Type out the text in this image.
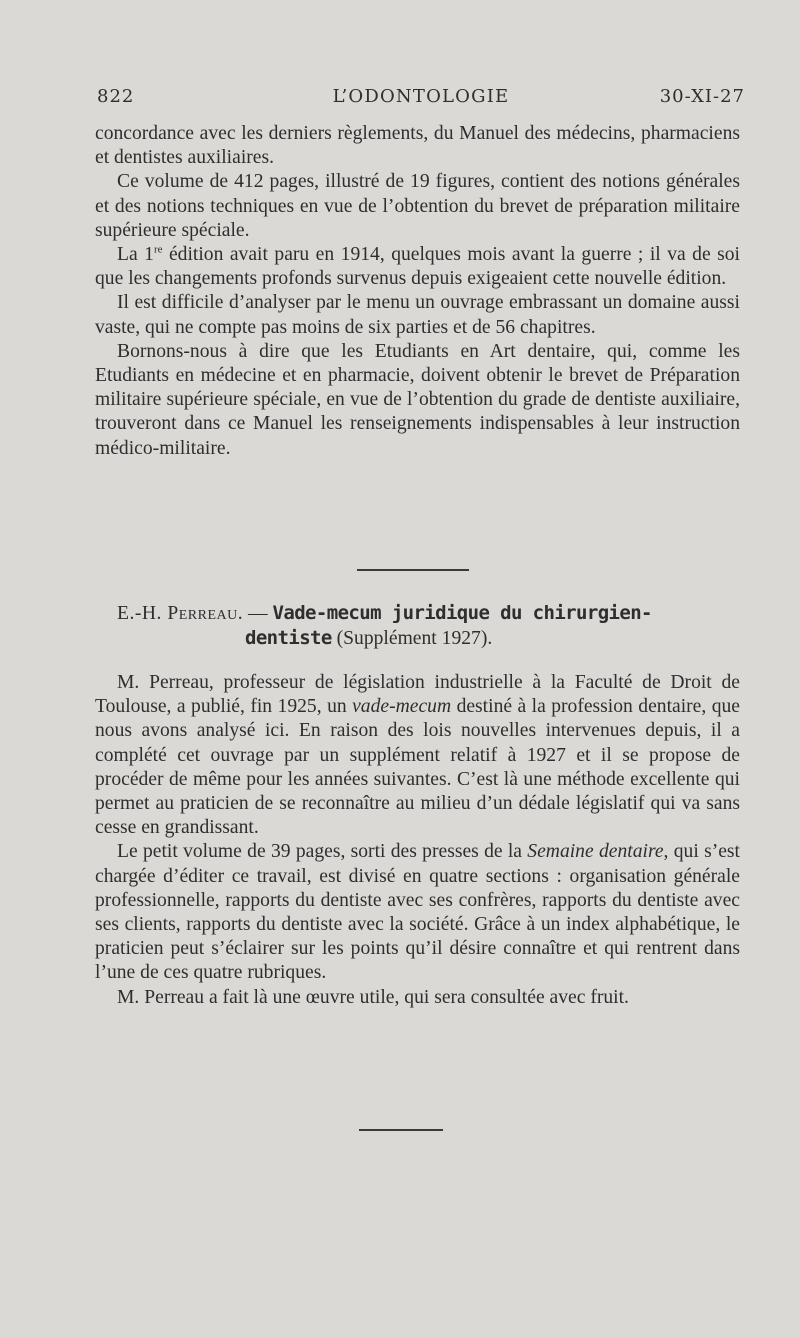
822	L’ODONTOLOGIE	30-XI-27

concordance avec les derniers règlements, du Manuel des médecins, pharmaciens et dentistes auxiliaires.

Ce volume de 412 pages, illustré de 19 figures, contient des notions générales et des notions techniques en vue de l’obtention du brevet de préparation militaire supérieure spéciale.

La 1re édition avait paru en 1914, quelques mois avant la guerre ; il va de soi que les changements profonds survenus depuis exigeaient cette nouvelle édition.

Il est difficile d’analyser par le menu un ouvrage embrassant un domaine aussi vaste, qui ne compte pas moins de six parties et de 56 chapitres.

Bornons-nous à dire que les Etudiants en Art dentaire, qui, comme les Etudiants en médecine et en pharmacie, doivent obtenir le brevet de Préparation militaire supérieure spéciale, en vue de l’obtention du grade de dentiste auxiliaire, trouveront dans ce Manuel les renseignements indispensables à leur instruction médico-militaire.

E.-H. Perreau. — Vade-mecum juridique du chirurgien-
dentiste (Supplément 1927).

M. Perreau, professeur de législation industrielle à la Faculté de Droit de Toulouse, a publié, fin 1925, un vade-mecum destiné à la profession dentaire, que nous avons analysé ici. En raison des lois nouvelles intervenues depuis, il a complété cet ouvrage par un supplément relatif à 1927 et il se propose de procéder de même pour les années suivantes. C’est là une méthode excellente qui permet au praticien de se reconnaître au milieu d’un dédale législatif qui va sans cesse en grandissant.

Le petit volume de 39 pages, sorti des presses de la Semaine dentaire, qui s’est chargée d’éditer ce travail, est divisé en quatre sections : organisation générale professionnelle, rapports du dentiste avec ses confrères, rapports du dentiste avec ses clients, rapports du dentiste avec la société. Grâce à un index alphabétique, le praticien peut s’éclairer sur les points qu’il désire connaître et qui rentrent dans l’une de ces quatre rubriques.

M. Perreau a fait là une œuvre utile, qui sera consultée avec fruit.
